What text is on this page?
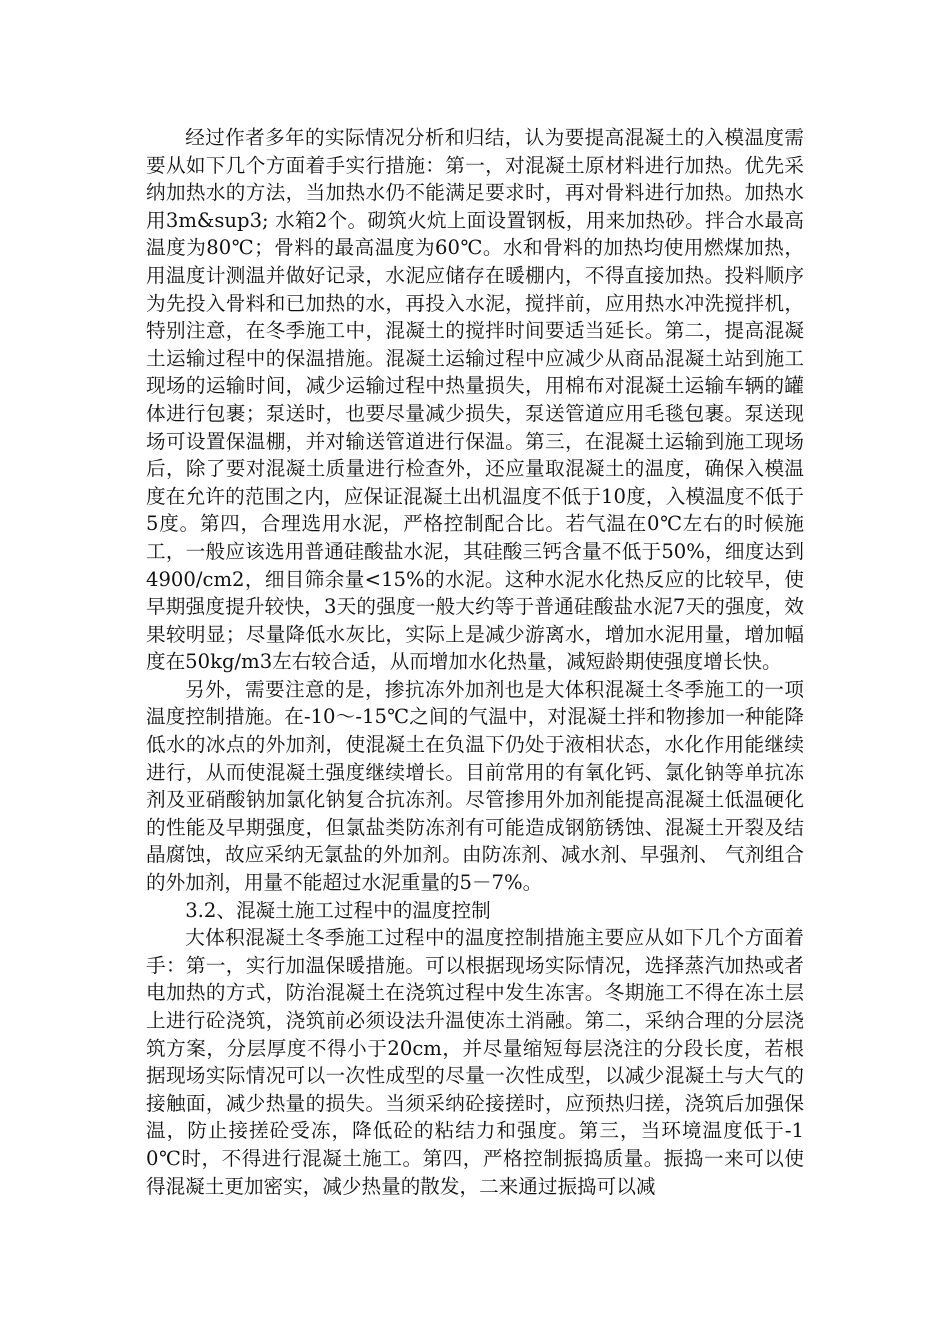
经过作者多年的实际情况分析和归结，认为要提高混凝土的入模温度需要从如下几个方面着手实行措施：第一，对混凝土原材料进行加热。优先采纳加热水的方法，当加热水仍不能满足要求时，再对骨料进行加热。加热水用3m&sup3; 水箱2个。砌筑火炕上面设置钢板，用来加热砂。拌合水最高温度为80℃；骨料的最高温度为60℃。水和骨料的加热均使用燃煤加热，用温度计测温并做好记录，水泥应储存在暖棚内，不得直接加热。投料顺序为先投入骨料和已加热的水，再投入水泥，搅拌前，应用热水冲洗搅拌机，特别注意，在冬季施工中，混凝土的搅拌时间要适当延长。第二，提高混凝土运输过程中的保温措施。混凝土运输过程中应减少从商品混凝土站到施工现场的运输时间，减少运输过程中热量损失，用棉布对混凝土运输车辆的罐体进行包裹；泵送时，也要尽量减少损失，泵送管道应用毛毯包裹。泵送现场可设置保温棚，并对输送管道进行保温。第三，在混凝土运输到施工现场后，除了要对混凝土质量进行检查外，还应量取混凝土的温度，确保入模温度在允许的范围之内，应保证混凝土出机温度不低于10度，入模温度不低于5度。第四，合理选用水泥，严格控制配合比。若气温在0℃左右的时候施工，一般应该选用普通硅酸盐水泥，其硅酸三钙含量不低于50%，细度达到4900/cm2，细目筛余量<15%的水泥。这种水泥水化热反应的比较早，使早期强度提升较快，3天的强度一般大约等于普通硅酸盐水泥7天的强度，效果较明显；尽量降低水灰比，实际上是减少游离水，增加水泥用量，增加幅度在50kg/m3左右较合适，从而增加水化热量，减短龄期使强度增长快。

另外，需要注意的是，掺抗冻外加剂也是大体积混凝土冬季施工的一项温度控制措施。在-10～-15℃之间的气温中，对混凝土拌和物掺加一种能降低水的冰点的外加剂，使混凝土在负温下仍处于液相状态，水化作用能继续进行，从而使混凝土强度继续增长。目前常用的有氧化钙、氯化钠等单抗冻剂及亚硝酸钠加氯化钠复合抗冻剂。尽管掺用外加剂能提高混凝土低温硬化的性能及早期强度，但氯盐类防冻剂有可能造成钢筋锈蚀、混凝土开裂及结晶腐蚀，故应采纳无氯盐的外加剂。由防冻剂、减水剂、早强剂、 气剂组合的外加剂，用量不能超过水泥重量的5－7%。

3.2、混凝土施工过程中的温度控制

大体积混凝土冬季施工过程中的温度控制措施主要应从如下几个方面着手：第一，实行加温保暖措施。可以根据现场实际情况，选择蒸汽加热或者电加热的方式，防治混凝土在浇筑过程中发生冻害。冬期施工不得在冻土层上进行砼浇筑，浇筑前必须设法升温使冻土消融。第二，采纳合理的分层浇筑方案，分层厚度不得小于20cm，并尽量缩短每层浇注的分段长度，若根据现场实际情况可以一次性成型的尽量一次性成型，以减少混凝土与大气的接触面，减少热量的损失。当须采纳砼接搓时，应预热归搓，浇筑后加强保温，防止接搓砼受冻，降低砼的粘结力和强度。第三，当环境温度低于-10℃时，不得进行混凝土施工。第四，严格控制振捣质量。振捣一来可以使得混凝土更加密实，减少热量的散发，二来通过振捣可以减
